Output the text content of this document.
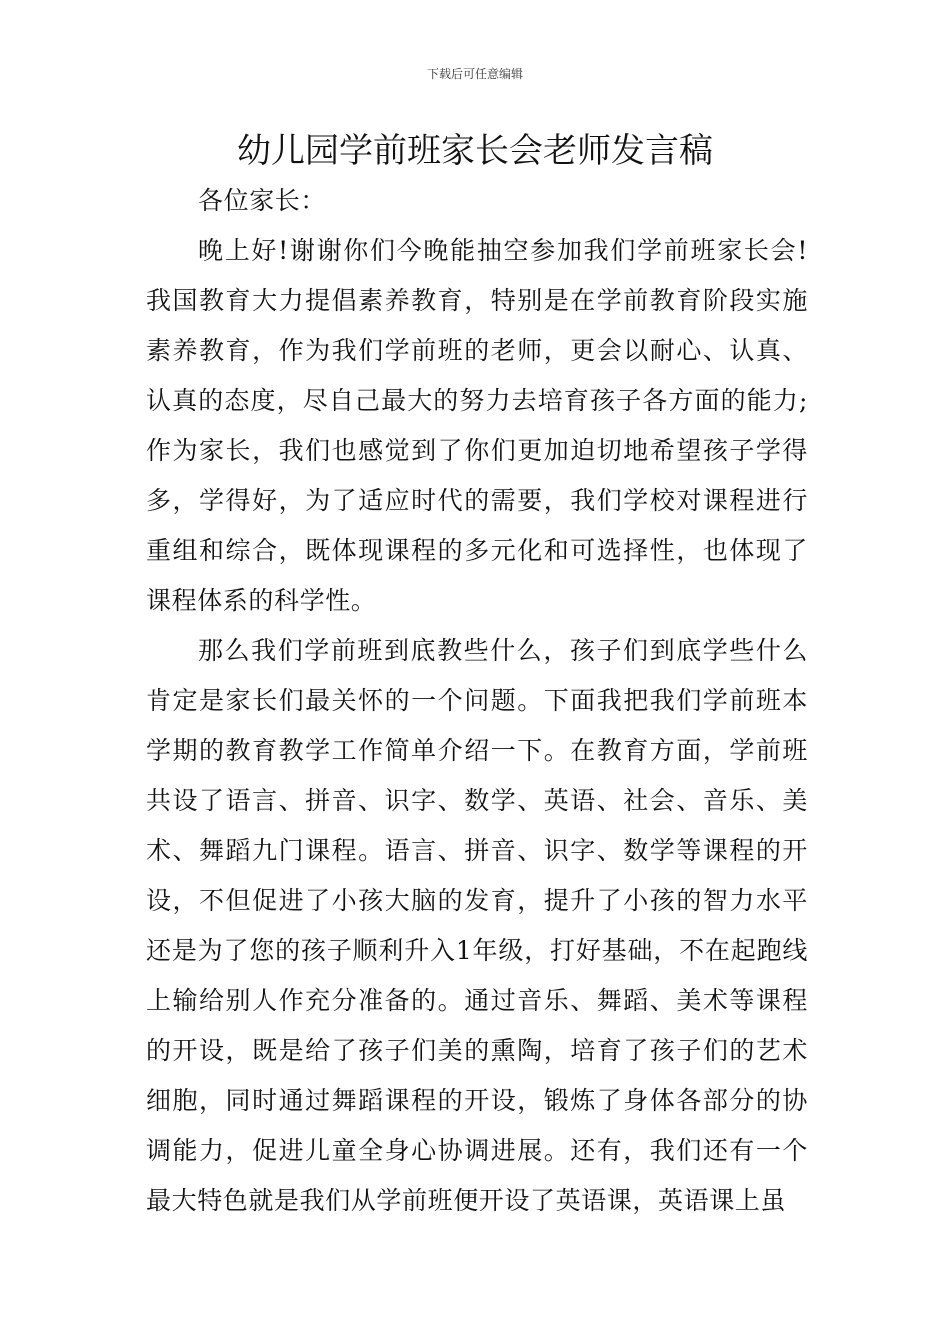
下载后可任意编辑
幼儿园学前班家长会老师发言稿

各位家长：

晚上好!谢谢你们今晚能抽空参加我们学前班家长会!我国教育大力提倡素养教育，特别是在学前教育阶段实施素养教育，作为我们学前班的老师，更会以耐心、认真、认真的态度，尽自己最大的努力去培育孩子各方面的能力;作为家长，我们也感觉到了你们更加迫切地希望孩子学得多，学得好，为了适应时代的需要，我们学校对课程进行重组和综合，既体现课程的多元化和可选择性，也体现了课程体系的科学性。

那么我们学前班到底教些什么，孩子们到底学些什么肯定是家长们最关怀的一个问题。下面我把我们学前班本学期的教育教学工作简单介绍一下。在教育方面，学前班共设了语言、拼音、识字、数学、英语、社会、音乐、美术、舞蹈九门课程。语言、拼音、识字、数学等课程的开设，不但促进了小孩大脑的发育，提升了小孩的智力水平还是为了您的孩子顺利升入1年级，打好基础，不在起跑线上输给别人作充分准备的。通过音乐、舞蹈、美术等课程的开设，既是给了孩子们美的熏陶，培育了孩子们的艺术细胞，同时通过舞蹈课程的开设，锻炼了身体各部分的协调能力，促进儿童全身心协调进展。还有，我们还有一个最大特色就是我们从学前班便开设了英语课，英语课上虽
